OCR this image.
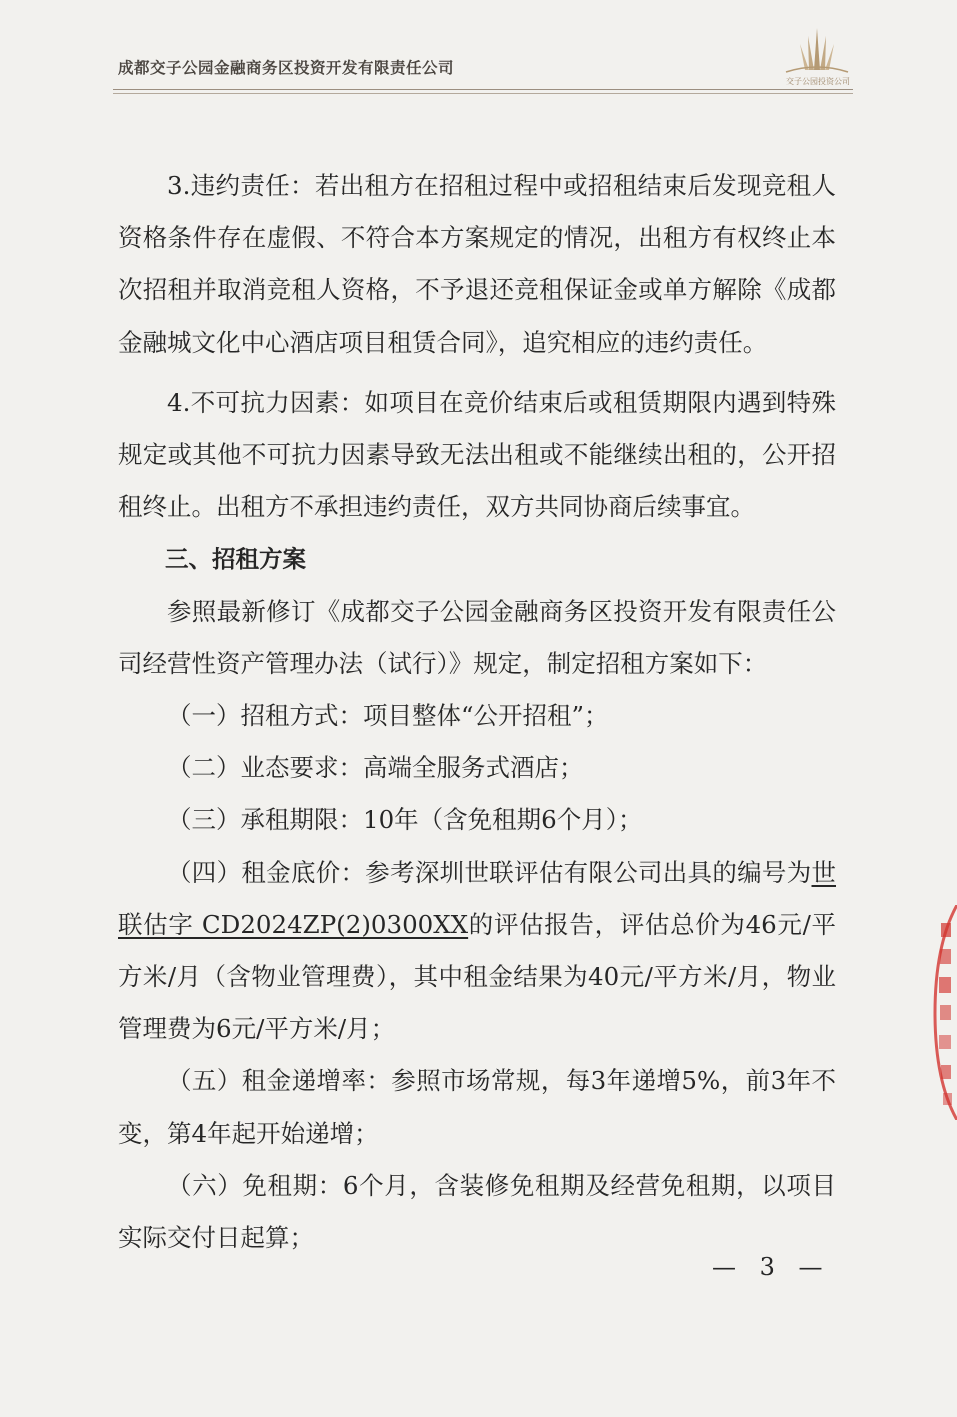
成都交子公园金融商务区投资开发有限责任公司
交子公园投资公司

3.违约责任：若出租方在招租过程中或招租结束后发现竞租人资格条件存在虚假、不符合本方案规定的情况，出租方有权终止本次招租并取消竞租人资格，不予退还竞租保证金或单方解除《成都金融城文化中心酒店项目租赁合同》，追究相应的违约责任。

4.不可抗力因素：如项目在竞价结束后或租赁期限内遇到特殊规定或其他不可抗力因素导致无法出租或不能继续出租的，公开招租终止。出租方不承担违约责任，双方共同协商后续事宜。

三、招租方案

参照最新修订《成都交子公园金融商务区投资开发有限责任公司经营性资产管理办法（试行）》规定，制定招租方案如下：

（一）招租方式：项目整体“公开招租”；

（二）业态要求：高端全服务式酒店；

（三）承租期限：10年（含免租期6个月）；

（四）租金底价：参考深圳世联评估有限公司出具的编号为世联估字 CD2024ZP(2)0300XX的评估报告，评估总价为46元/平方米/月（含物业管理费），其中租金结果为40元/平方米/月，物业管理费为6元/平方米/月；

（五）租金递增率：参照市场常规，每3年递增5%，前3年不变，第4年起开始递增；

（六）免租期：6个月，含装修免租期及经营免租期，以项目实际交付日起算；

— 3 —
